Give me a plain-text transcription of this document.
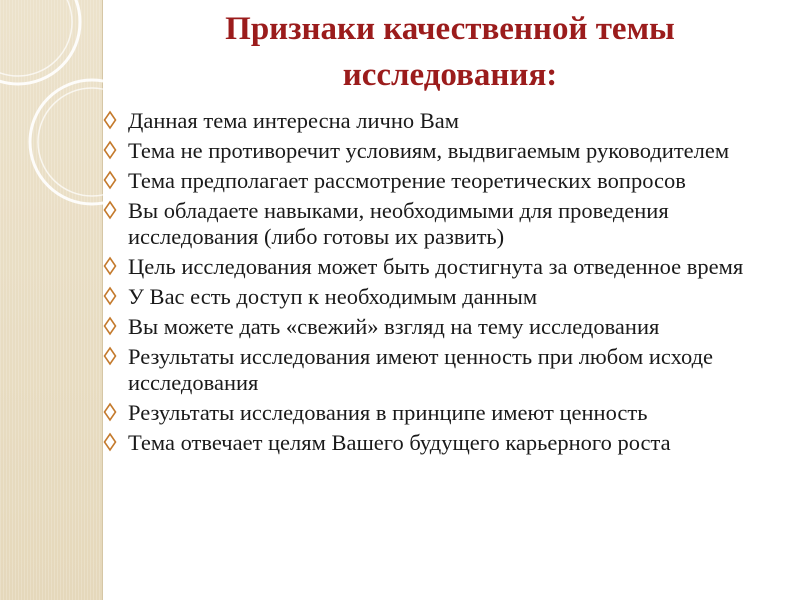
Признаки качественной темы
исследования:
Данная тема интересна лично Вам
Тема не противоречит условиям, выдвигаемым руководителем
Тема предполагает рассмотрение теоретических вопросов
Вы обладаете навыками, необходимыми для проведения исследования (либо готовы их развить)
Цель исследования может быть достигнута за отведенное время
У Вас есть доступ к необходимым данным
Вы можете дать «свежий» взгляд на тему исследования
Результаты исследования имеют ценность при любом исходе исследования
Результаты исследования в принципе имеют ценность
Тема отвечает целям Вашего будущего карьерного роста
